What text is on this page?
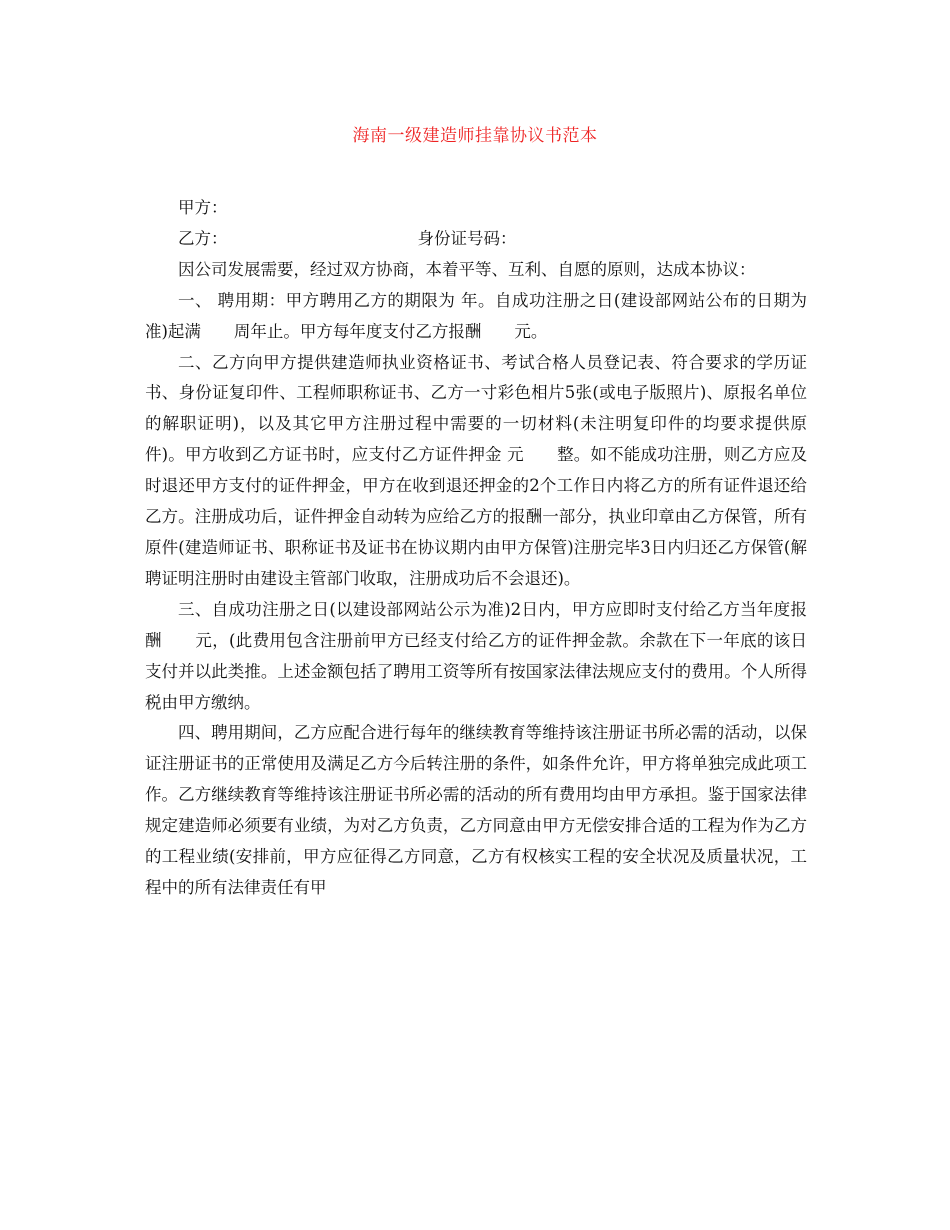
海南一级建造师挂靠协议书范本

甲方：

乙方：	身份证号码：

因公司发展需要，经过双方协商，本着平等、互利、自愿的原则，达成本协议：

一、 聘用期：甲方聘用乙方的期限为 年。自成功注册之日(建设部网站公布的日期为准)起满　　周年止。甲方每年度支付乙方报酬　　元。

二、乙方向甲方提供建造师执业资格证书、考试合格人员登记表、符合要求的学历证书、身份证复印件、工程师职称证书、乙方一寸彩色相片5张(或电子版照片)、原报名单位的解职证明)，以及其它甲方注册过程中需要的一切材料(未注明复印件的均要求提供原件)。甲方收到乙方证书时，应支付乙方证件押金 元　　整。如不能成功注册，则乙方应及时退还甲方支付的证件押金，甲方在收到退还押金的2个工作日内将乙方的所有证件退还给乙方。注册成功后，证件押金自动转为应给乙方的报酬一部分，执业印章由乙方保管，所有原件(建造师证书、职称证书及证书在协议期内由甲方保管)注册完毕3日内归还乙方保管(解聘证明注册时由建设主管部门收取，注册成功后不会退还)。

三、自成功注册之日(以建设部网站公示为准)2日内，甲方应即时支付给乙方当年度报酬　　元，(此费用包含注册前甲方已经支付给乙方的证件押金款。余款在下一年底的该日支付并以此类推。上述金额包括了聘用工资等所有按国家法律法规应支付的费用。个人所得税由甲方缴纳。

四、聘用期间，乙方应配合进行每年的继续教育等维持该注册证书所必需的活动，以保证注册证书的正常使用及满足乙方今后转注册的条件，如条件允许，甲方将单独完成此项工作。乙方继续教育等维持该注册证书所必需的活动的所有费用均由甲方承担。鉴于国家法律规定建造师必须要有业绩，为对乙方负责，乙方同意由甲方无偿安排合适的工程为作为乙方的工程业绩(安排前，甲方应征得乙方同意，乙方有权核实工程的安全状况及质量状况，工程中的所有法律责任有甲
